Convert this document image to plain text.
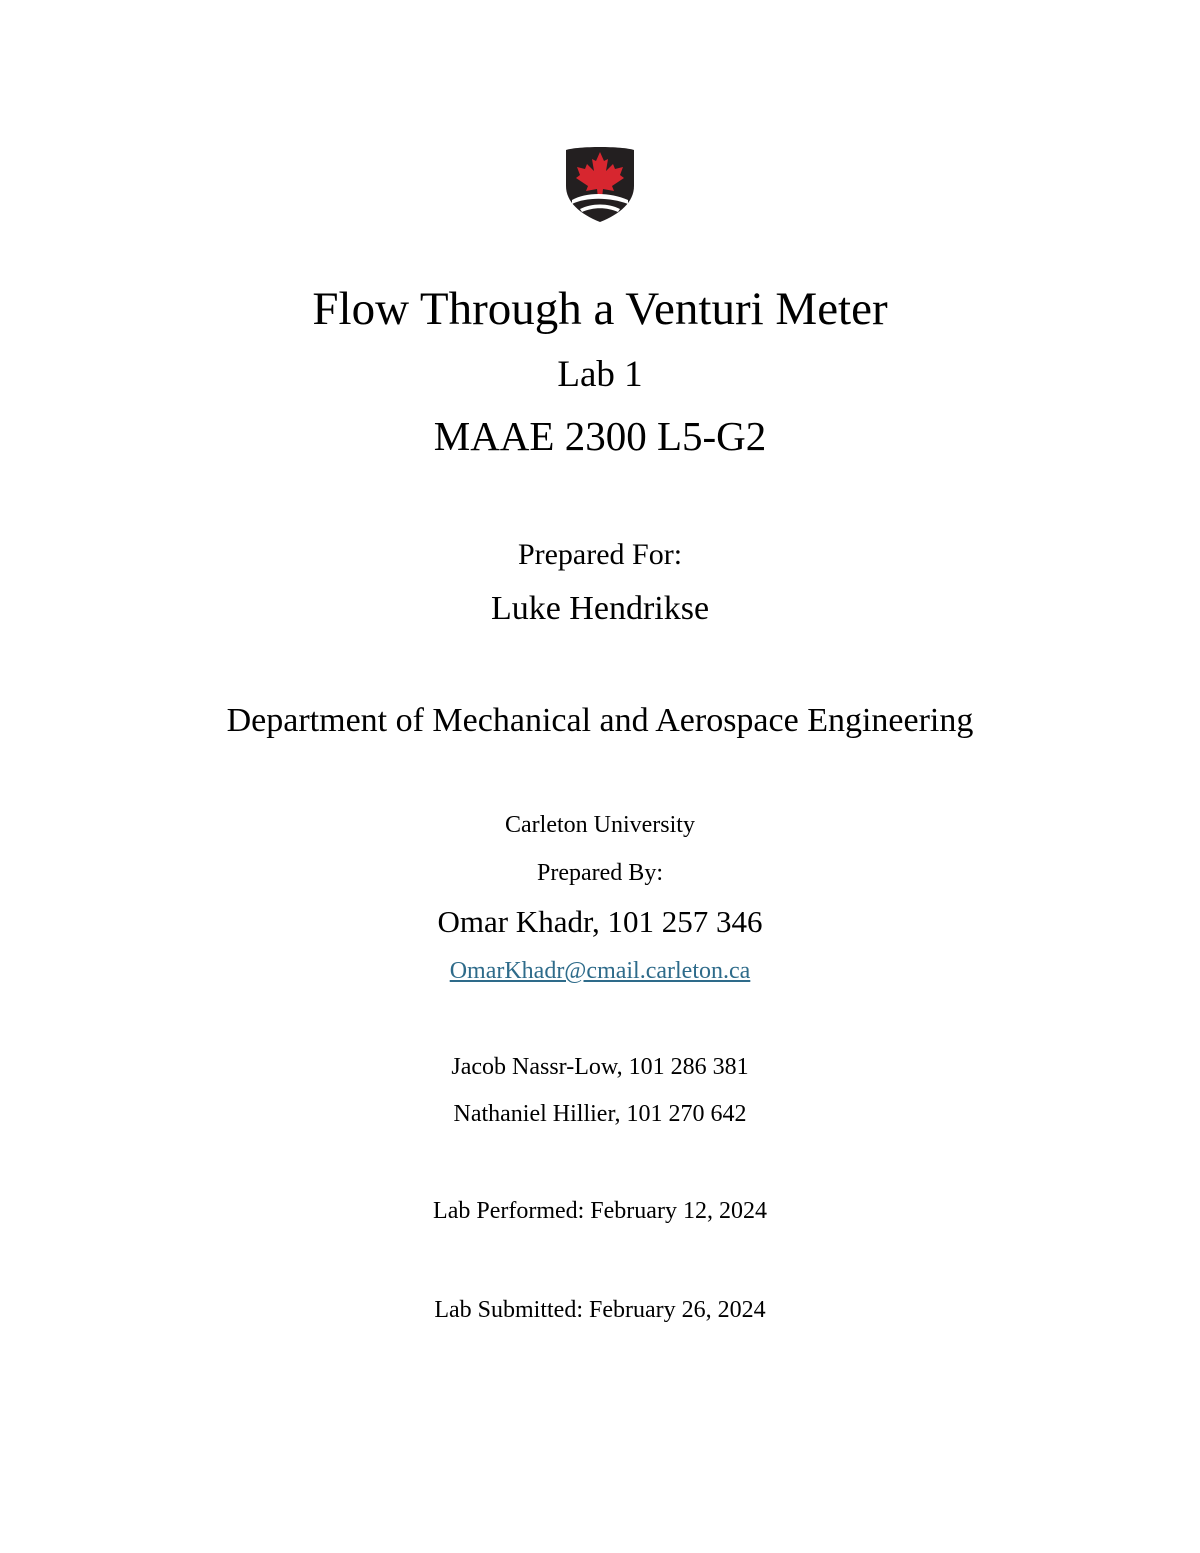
Flow Through a Venturi Meter
Lab 1
MAAE 2300 L5-G2
Prepared For:
Luke Hendrikse
Department of Mechanical and Aerospace Engineering
Carleton University
Prepared By:
Omar Khadr, 101 257 346
OmarKhadr@cmail.carleton.ca
Jacob Nassr-Low, 101 286 381
Nathaniel Hillier, 101 270 642
Lab Performed: February 12, 2024
Lab Submitted: February 26, 2024
